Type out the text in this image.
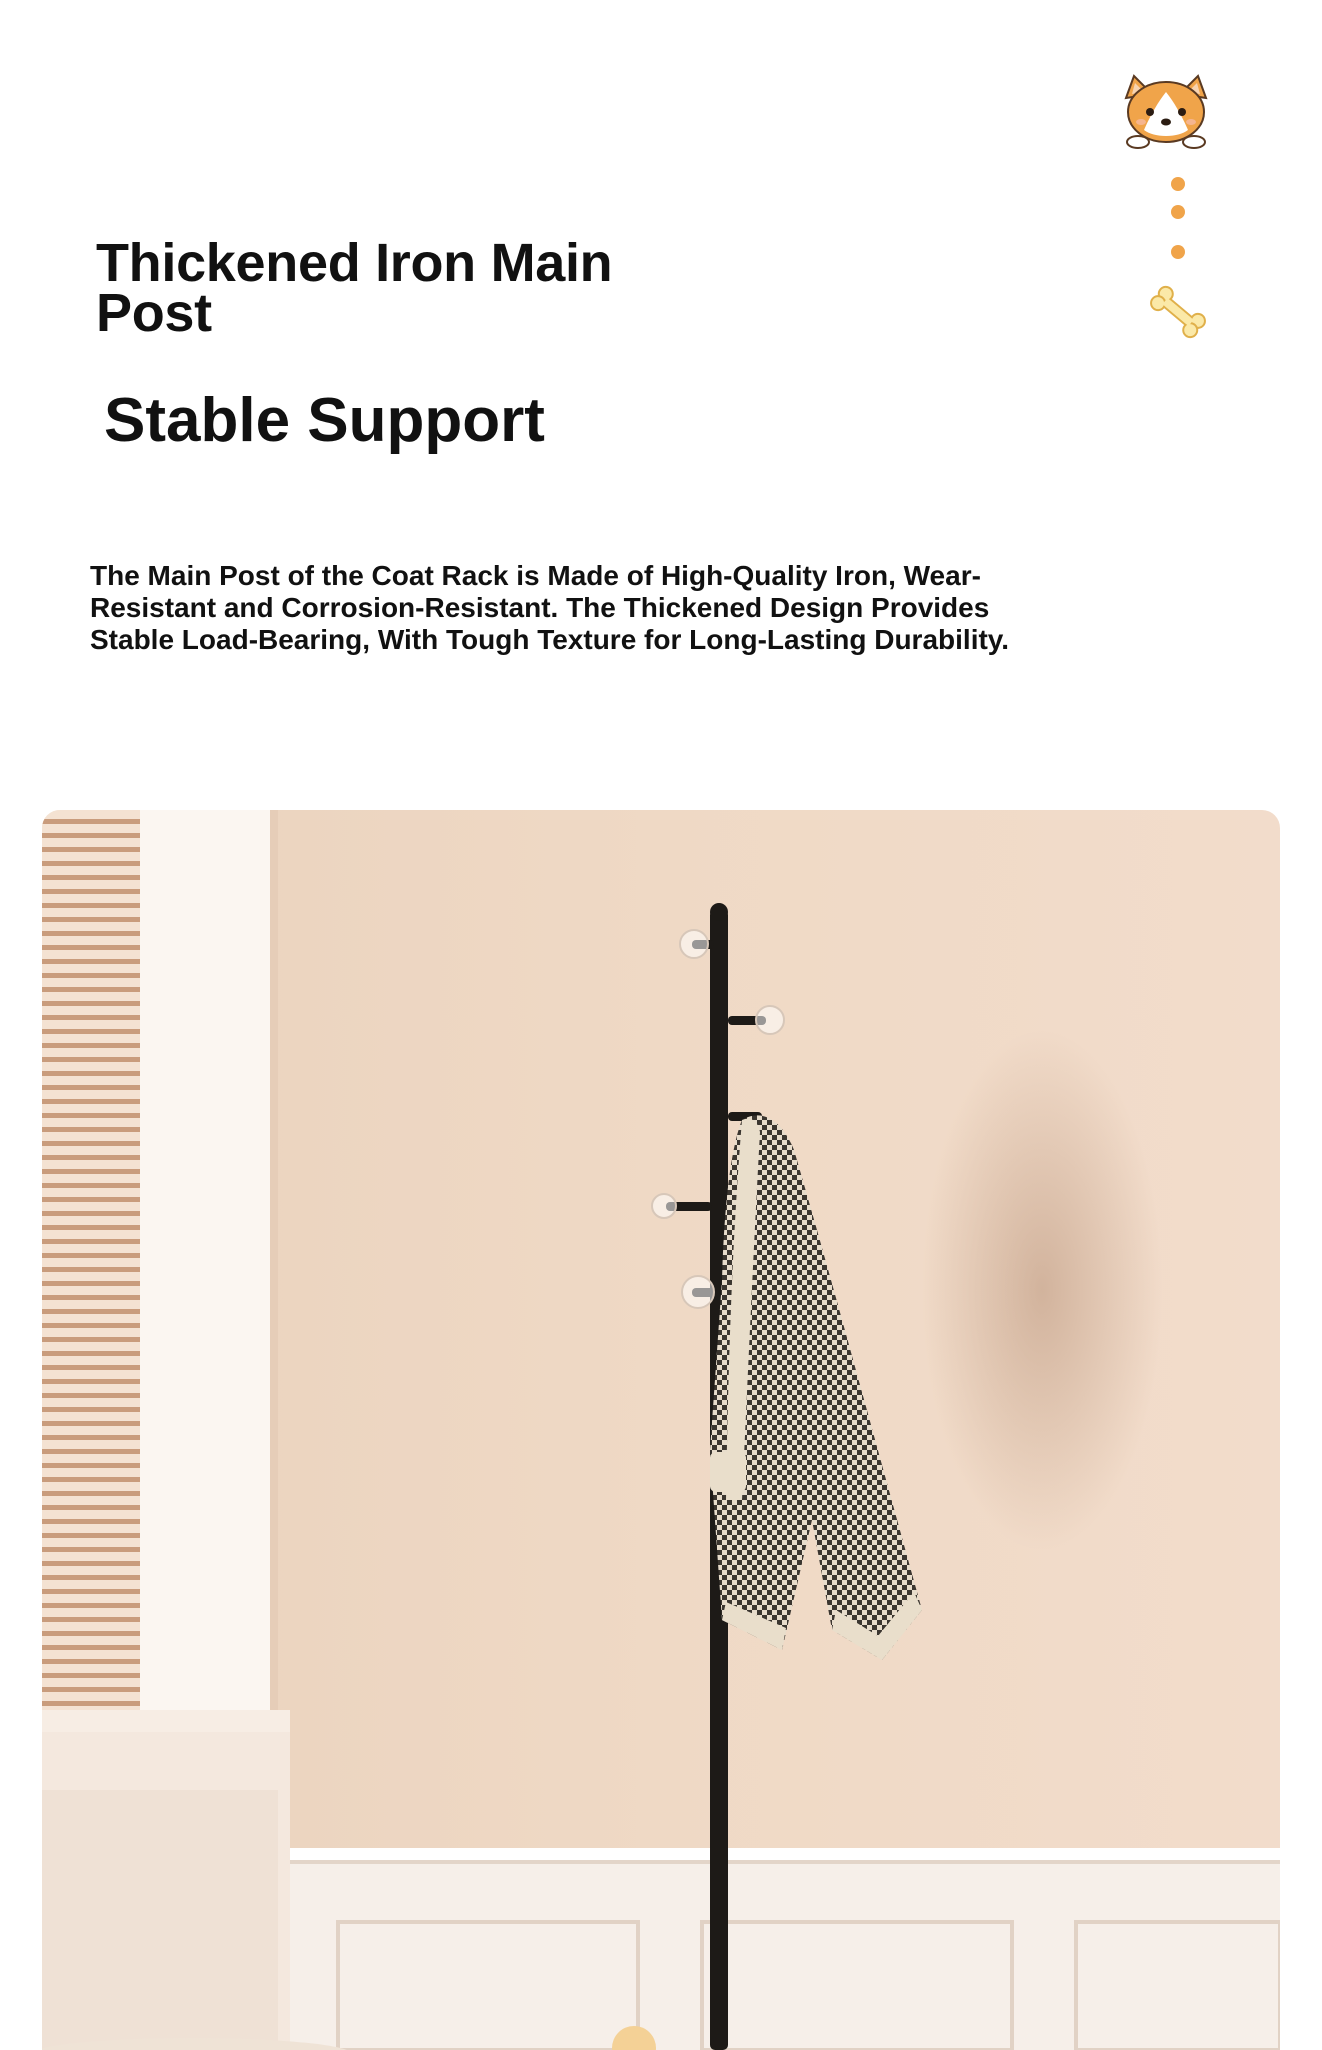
Thickened Iron Main Post
Stable Support

The Main Post of the Coat Rack is Made of High-Quality Iron, Wear-Resistant and Corrosion-Resistant. The Thickened Design Provides Stable Load-Bearing, With Tough Texture for Long-Lasting Durability.
